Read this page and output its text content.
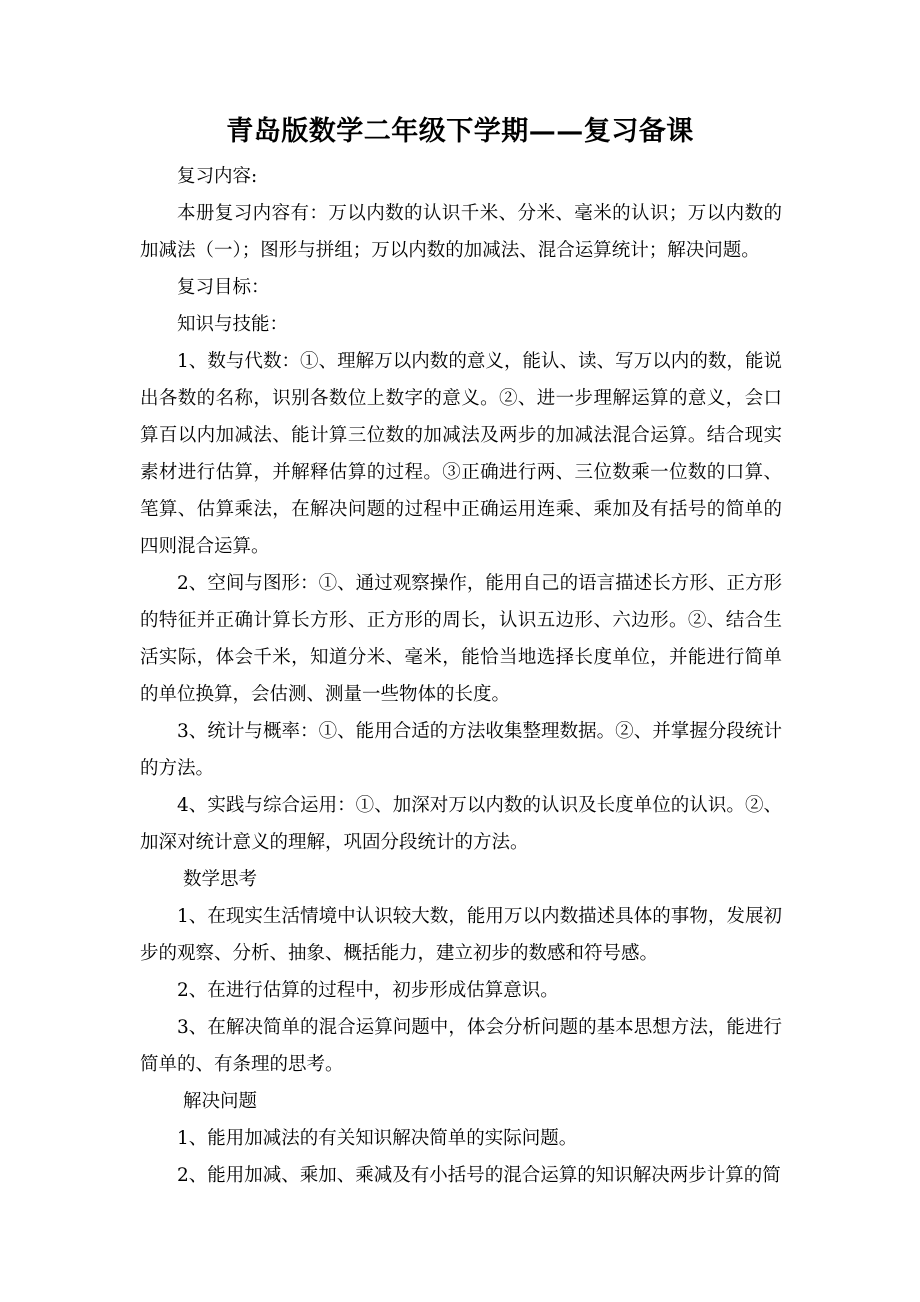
青岛版数学二年级下学期——复习备课

复习内容:

本册复习内容有：万以内数的认识千米、分米、毫米的认识；万以内数的加减法（一）；图形与拼组；万以内数的加减法、混合运算统计；解决问题。

复习目标：

知识与技能：

1、数与代数：①、理解万以内数的意义，能认、读、写万以内的数，能说出各数的名称，识别各数位上数字的意义。②、进一步理解运算的意义，会口算百以内加减法、能计算三位数的加减法及两步的加减法混合运算。结合现实素材进行估算，并解释估算的过程。③正确进行两、三位数乘一位数的口算、笔算、估算乘法，在解决问题的过程中正确运用连乘、乘加及有括号的简单的四则混合运算。

2、空间与图形：①、通过观察操作，能用自己的语言描述长方形、正方形的特征并正确计算长方形、正方形的周长，认识五边形、六边形。②、结合生活实际，体会千米，知道分米、毫米，能恰当地选择长度单位，并能进行简单的单位换算，会估测、测量一些物体的长度。

3、统计与概率：①、能用合适的方法收集整理数据。②、并掌握分段统计的方法。

4、实践与综合运用：①、加深对万以内数的认识及长度单位的认识。②、加深对统计意义的理解，巩固分段统计的方法。

数学思考

1、在现实生活情境中认识较大数，能用万以内数描述具体的事物，发展初步的观察、分析、抽象、概括能力，建立初步的数感和符号感。

2、在进行估算的过程中，初步形成估算意识。

3、在解决简单的混合运算问题中，体会分析问题的基本思想方法，能进行简单的、有条理的思考。

解决问题

1、能用加减法的有关知识解决简单的实际问题。

2、能用加减、乘加、乘减及有小括号的混合运算的知识解决两步计算的简
